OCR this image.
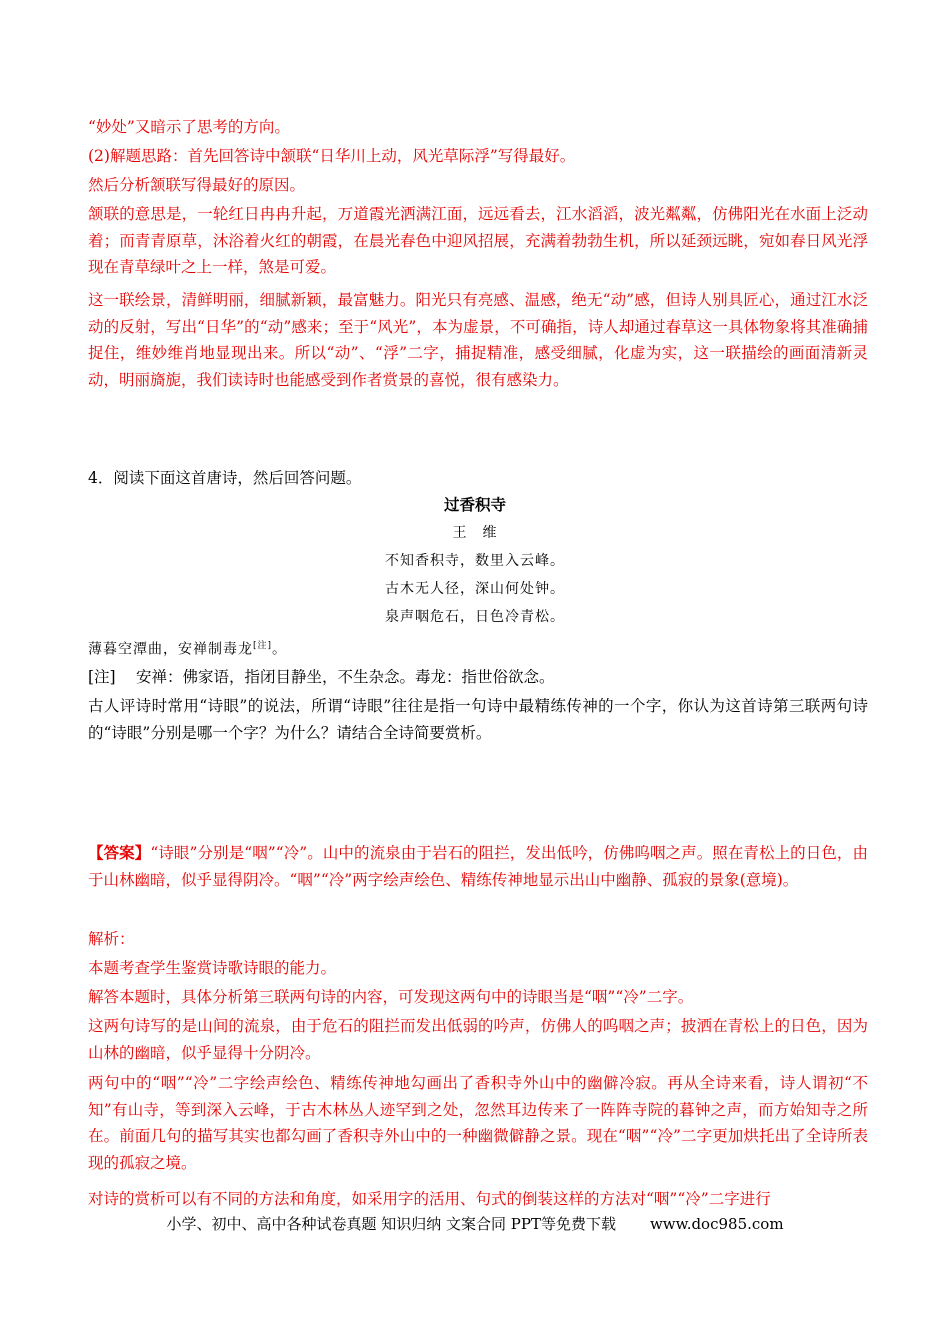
“妙处”又暗示了思考的方向。
(2)解题思路：首先回答诗中颔联“日华川上动，风光草际浮”写得最好。
然后分析颔联写得最好的原因。
颔联的意思是，一轮红日冉冉升起，万道霞光洒满江面，远远看去，江水滔滔，波光粼粼，仿佛阳光在水面上泛动着；而青青原草，沐浴着火红的朝霞，在晨光春色中迎风招展，充满着勃勃生机，所以延颈远眺，宛如春日风光浮现在青草绿叶之上一样，煞是可爱。
这一联绘景，清鲜明丽，细腻新颖，最富魅力。阳光只有亮感、温感，绝无“动”感，但诗人别具匠心，通过江水泛动的反射，写出“日华”的“动”感来；至于“风光”，本为虚景，不可确指，诗人却通过春草这一具体物象将其准确捕捉住，维妙维肖地显现出来。所以“动”、“浮”二字，捕捉精准，感受细腻，化虚为实，这一联描绘的画面清新灵动，明丽旖旎，我们读诗时也能感受到作者赏景的喜悦，很有感染力。
4．阅读下面这首唐诗，然后回答问题。
过香积寺
王　维
不知香积寺，数里入云峰。
古木无人径，深山何处钟。
泉声咽危石，日色冷青松。
薄暮空潭曲，安禅制毒龙[注]。
[注]　 安禅：佛家语，指闭目静坐，不生杂念。毒龙：指世俗欲念。
古人评诗时常用“诗眼”的说法，所谓“诗眼”往往是指一句诗中最精练传神的一个字，你认为这首诗第三联两句诗的“诗眼”分别是哪一个字？为什么？请结合全诗简要赏析。
【答案】“诗眼”分别是“咽”“冷”。山中的流泉由于岩石的阻拦，发出低吟，仿佛呜咽之声。照在青松上的日色，由于山林幽暗，似乎显得阴冷。“咽”“冷”两字绘声绘色、精练传神地显示出山中幽静、孤寂的景象(意境)。
解析：
本题考查学生鉴赏诗歌诗眼的能力。
解答本题时，具体分析第三联两句诗的内容，可发现这两句中的诗眼当是“咽”“冷”二字。
这两句诗写的是山间的流泉，由于危石的阻拦而发出低弱的吟声，仿佛人的呜咽之声；披洒在青松上的日色，因为山林的幽暗，似乎显得十分阴冷。
两句中的“咽”“冷”二字绘声绘色、精练传神地勾画出了香积寺外山中的幽僻冷寂。再从全诗来看，诗人谓初“不知”有山寺，等到深入云峰，于古木林丛人迹罕到之处，忽然耳边传来了一阵阵寺院的暮钟之声，而方始知寺之所在。前面几句的描写其实也都勾画了香积寺外山中的一种幽微僻静之景。现在“咽”“冷”二字更加烘托出了全诗所表现的孤寂之境。
对诗的赏析可以有不同的方法和角度，如采用字的活用、句式的倒装这样的方法对“咽”“冷”二字进行
小学、初中、高中各种试卷真题 知识归纳 文案合同 PPT等免费下载 www.doc985.com
